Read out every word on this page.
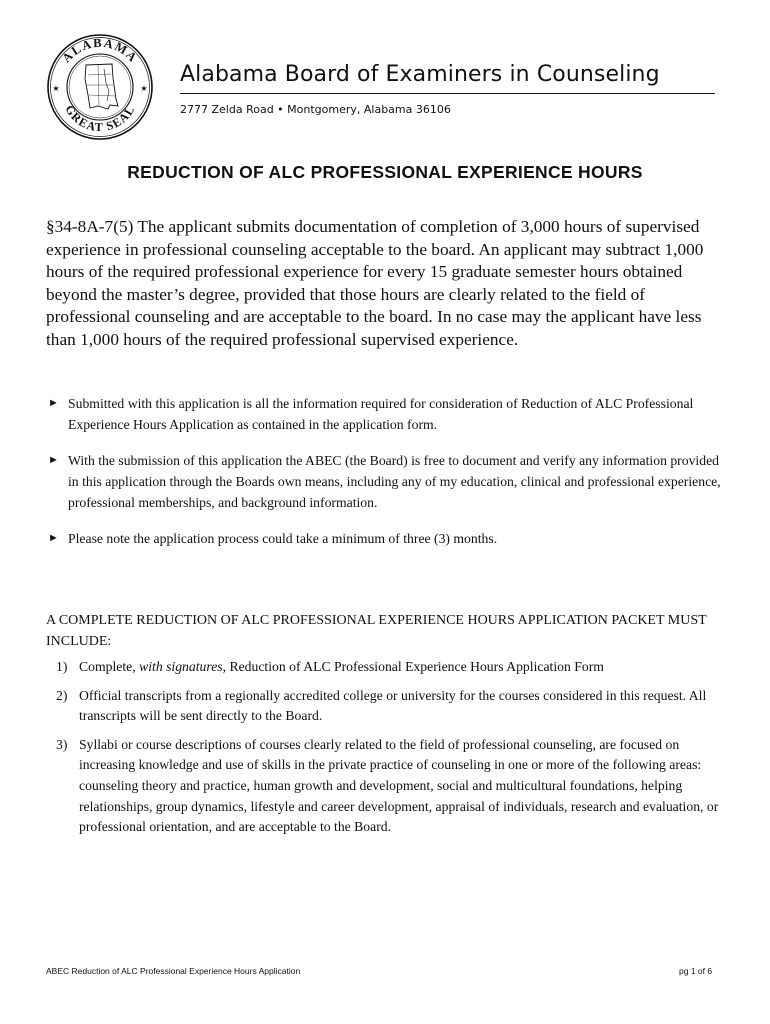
ALABAMA
GREAT SEAL
★	★
Alabama Board of Examiners in Counseling
2777 Zelda Road • Montgomery, Alabama 36106
REDUCTION OF ALC PROFESSIONAL EXPERIENCE HOURS
§34-8A-7(5) The applicant submits documentation of completion of 3,000 hours of supervised experience in professional counseling acceptable to the board. An applicant may subtract 1,000 hours of the required professional experience for every 15 graduate semester hours obtained beyond the master’s degree, provided that those hours are clearly related to the field of professional counseling and are acceptable to the board. In no case may the applicant have less than 1,000 hours of the required professional supervised experience.
► Submitted with this application is all the information required for consideration of Reduction of ALC Professional Experience Hours Application as contained in the application form.
► With the submission of this application the ABEC (the Board) is free to document and verify any information provided in this application through the Boards own means, including any of my education, clinical and professional experience, professional memberships, and background information.
► Please note the application process could take a minimum of three (3) months.
A COMPLETE REDUCTION OF ALC PROFESSIONAL EXPERIENCE HOURS APPLICATION PACKET MUST INCLUDE:
1) Complete, with signatures, Reduction of ALC Professional Experience Hours Application Form
2) Official transcripts from a regionally accredited college or university for the courses considered in this request. All transcripts will be sent directly to the Board.
3) Syllabi or course descriptions of courses clearly related to the field of professional counseling, are focused on increasing knowledge and use of skills in the private practice of counseling in one or more of the following areas: counseling theory and practice, human growth and development, social and multicultural foundations, helping relationships, group dynamics, lifestyle and career development, appraisal of individuals, research and evaluation, or professional orientation, and are acceptable to the Board.
ABEC Reduction of ALC Professional Experience Hours Application	pg 1 of 6
